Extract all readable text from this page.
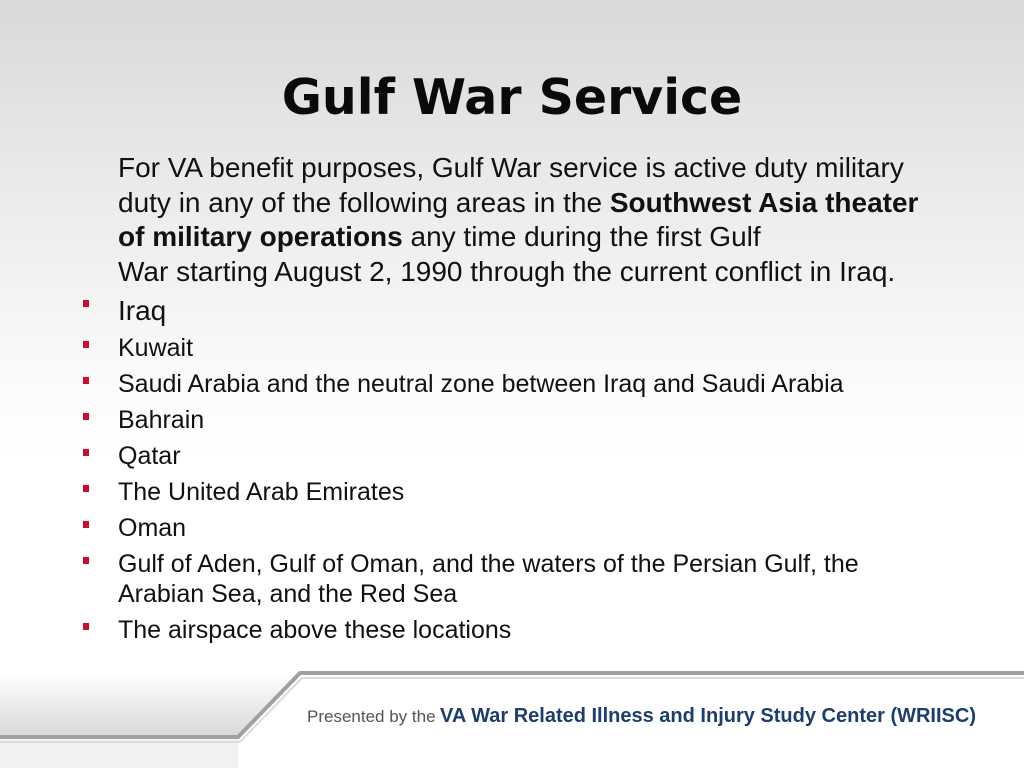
Gulf War Service

For VA benefit purposes, Gulf War service is active duty military
duty in any of the following areas in the Southwest Asia theater
of military operations any time during the first Gulf
War starting August 2, 1990 through the current conflict in Iraq.

Iraq
Kuwait
Saudi Arabia and the neutral zone between Iraq and Saudi Arabia
Bahrain
Qatar
The United Arab Emirates
Oman
Gulf of Aden, Gulf of Oman, and the waters of the Persian Gulf, the Arabian Sea, and the Red Sea
The airspace above these locations
Presented by the VA War Related Illness and Injury Study Center (WRIISC)
